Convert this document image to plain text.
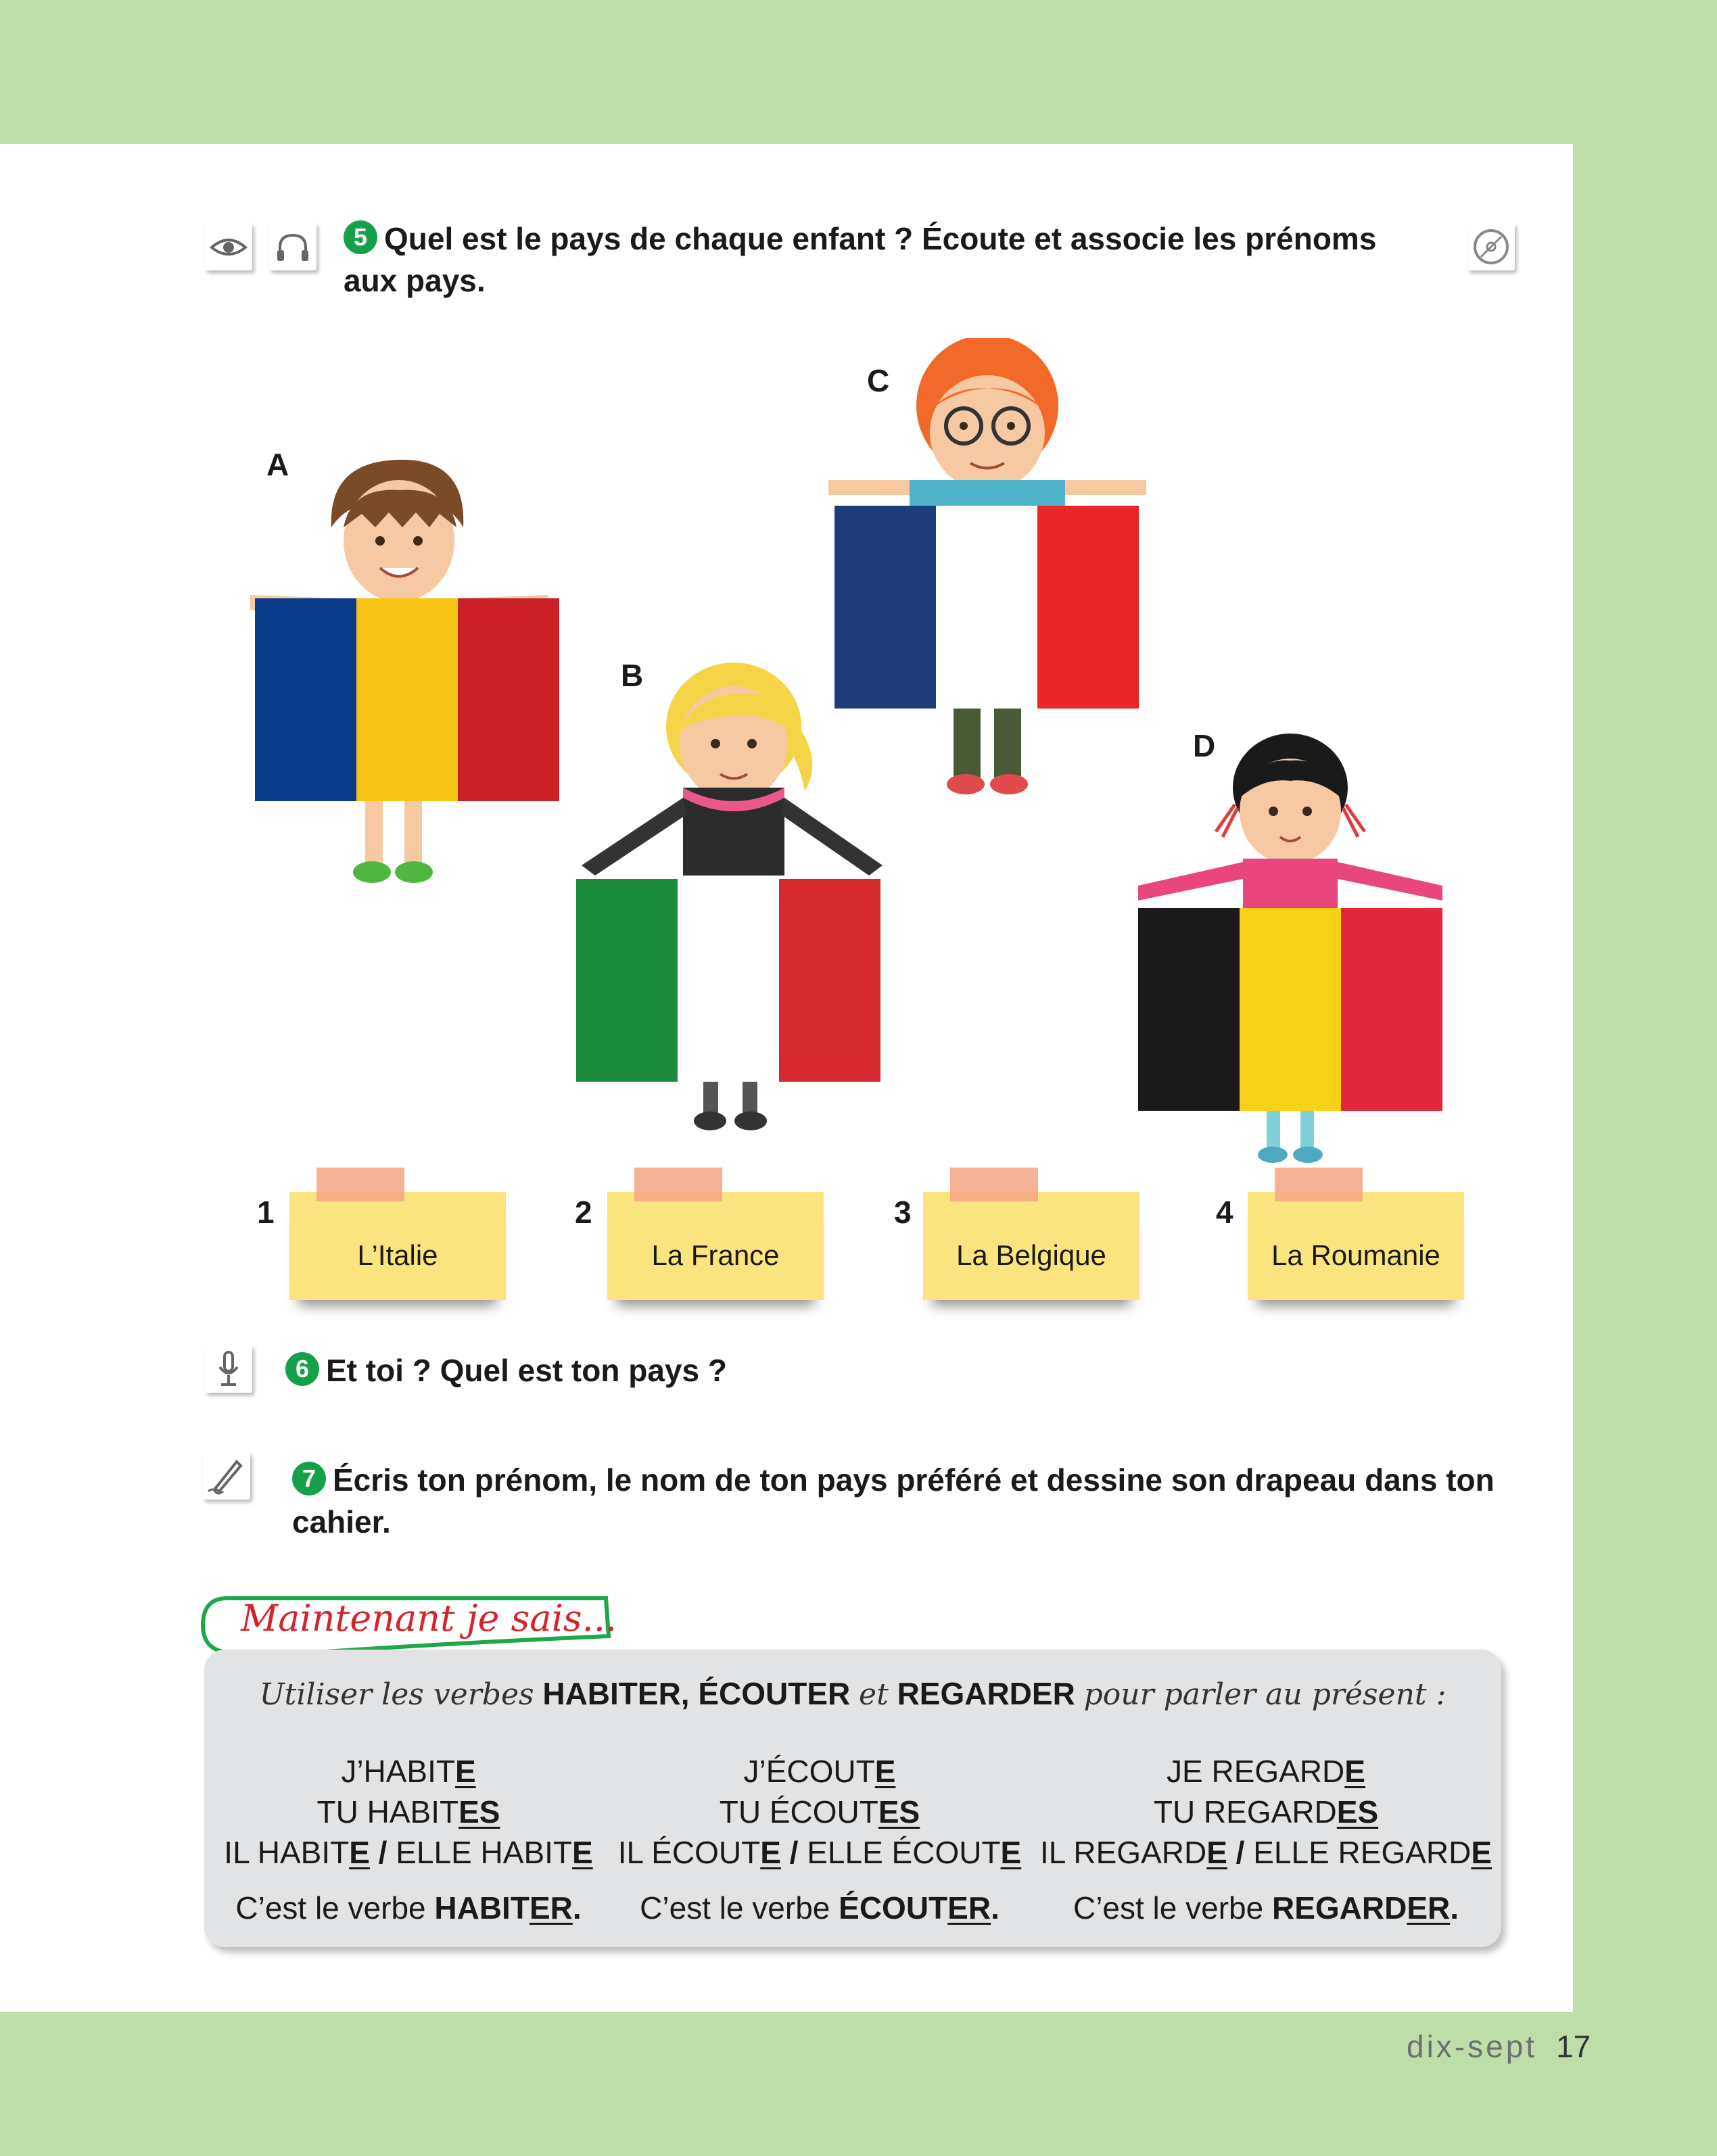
5 Quel est le pays de chaque enfant ? Écoute et associe les prénoms aux pays.
A
C
B
D
1
L’Italie
2
La France
3
La Belgique
4
La Roumanie
6 Et toi ? Quel est ton pays ?
7 Écris ton prénom, le nom de ton pays préféré et dessine son drapeau dans ton cahier.
Maintenant je sais...
Utiliser les verbes HABITER, ÉCOUTER et REGARDER pour parler au présent :
J’HABITE
TU HABITES
IL HABITE / ELLE HABITE
C’est le verbe HABITER.
J’ÉCOUTE
TU ÉCOUTES
IL ÉCOUTE / ELLE ÉCOUTE
C’est le verbe ÉCOUTER.
JE REGARDE
TU REGARDES
IL REGARDE / ELLE REGARDE
C’est le verbe REGARDER.
dix-sept 17
